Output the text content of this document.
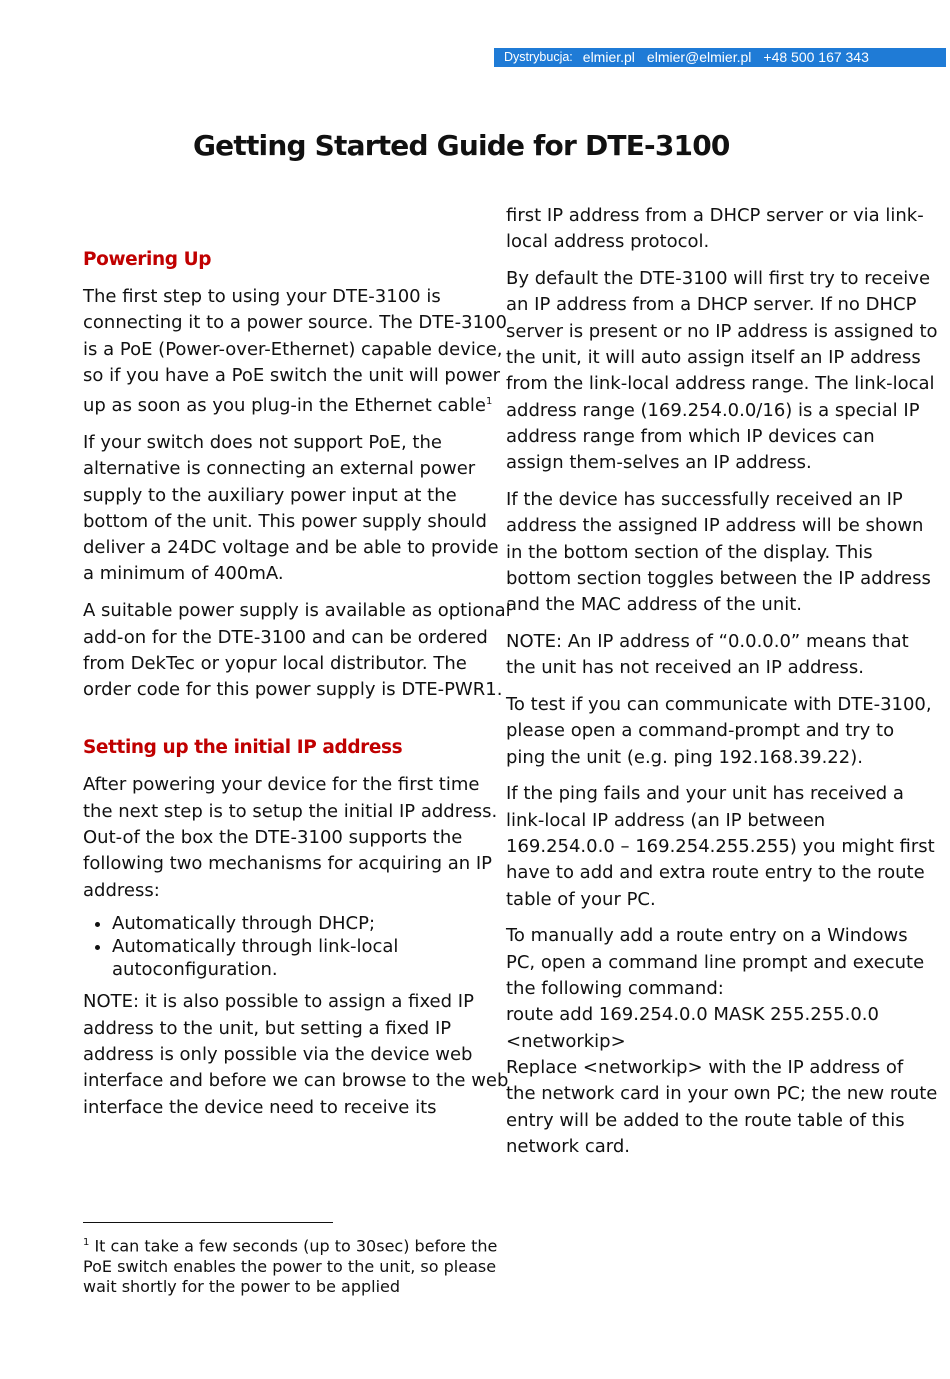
Dystrybucja: elmier.pl elmier@elmier.pl +48 500 167 343
Getting Started Guide for DTE-3100
Powering Up

The first step to using your DTE-3100 is connecting it to a power source. The DTE-3100 is a PoE (Power-over-Ethernet) capable device, so if you have a PoE switch the unit will power up as soon as you plug-in the Ethernet cable$^1$

If your switch does not support PoE, the alternative is connecting an external power supply to the auxiliary power input at the bottom of the unit. This power supply should deliver a 24DC voltage and be able to provide a minimum of 400mA.

A suitable power supply is available as optional add-on for the DTE-3100 and can be ordered from DekTec or yopur local distributor. The order code for this power supply is DTE-PWR1.

Setting up the initial IP address

After powering your device for the first time the next step is to setup the initial IP address. Out-of the box the DTE-3100 supports the following two mechanisms for acquiring an IP address:

• Automatically through DHCP;
• Automatically through link-local autoconfiguration.

NOTE: it is also possible to assign a fixed IP address to the unit, but setting a fixed IP address is only possible via the device web interface and before we can browse to the web interface the device need to receive its

first IP address from a DHCP server or via link-local address protocol.

By default the DTE-3100 will first try to receive an IP address from a DHCP server. If no DHCP server is present or no IP address is assigned to the unit, it will auto assign itself an IP address from the link-local address range. The link-local address range (169.254.0.0/16) is a special IP address range from which IP devices can assign them-selves an IP address.

If the device has successfully received an IP address the assigned IP address will be shown in the bottom section of the display. This bottom section toggles between the IP address and the MAC address of the unit.

NOTE: An IP address of “0.0.0.0” means that the unit has not received an IP address.

To test if you can communicate with DTE-3100, please open a command-prompt and try to ping the unit (e.g. ping 192.168.39.22).

If the ping fails and your unit has received a link-local IP address (an IP between 169.254.0.0 – 169.254.255.255) you might first have to add and extra route entry to the route table of your PC.

To manually add a route entry on a Windows PC, open a command line prompt and execute the following command:

route add 169.254.0.0 MASK 255.255.0.0
<networkip>

Replace <networkip> with the IP address of the network card in your own PC; the new route entry will be added to the route table of this network card.

$^1$ It can take a few seconds (up to 30sec) before the PoE switch enables the power to the unit, so please wait shortly for the power to be applied
